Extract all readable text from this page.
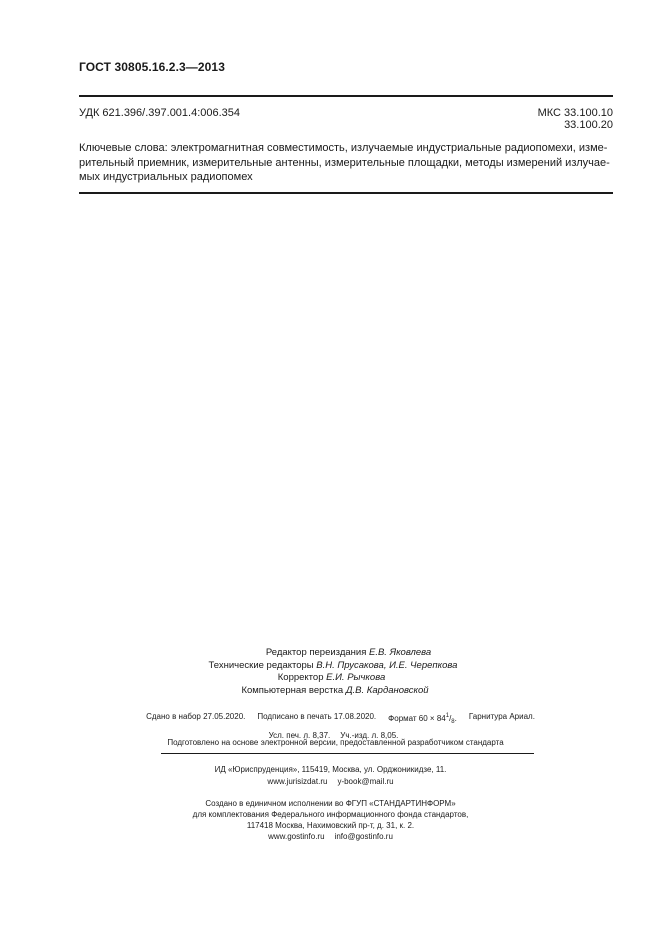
ГОСТ 30805.16.2.3—2013
УДК 621.396/.397.001.4:006.354	МКС 33.100.10
33.100.20
Ключевые слова: электромагнитная совместимость, излучаемые индустриальные радиопомехи, изме-
рительный приемник, измерительные антенны, измерительные площадки, методы измерений излучае-
мых индустриальных радиопомех
Редактор переиздания Е.В. Яковлева
Технические редакторы В.Н. Прусакова, И.Е. Черепкова
Корректор Е.И. Рычкова
Компьютерная верстка Д.В. Кардановской
Сдано в набор 27.05.2020. Подписано в печать 17.08.2020. Формат $60 \times 84^1/_8$. Гарнитура Ариал.
Усл. печ. л. 8,37. Уч.-изд. л. 8,05.
Подготовлено на основе электронной версии, предоставленной разработчиком стандарта
ИД «Юриспруденция», 115419, Москва, ул. Орджоникидзе, 11.
www.jurisizdat.ru y-book@mail.ru
Создано в единичном исполнении во ФГУП «СТАНДАРТИНФОРМ»
для комплектования Федерального информационного фонда стандартов,
117418 Москва, Нахимовский пр-т, д. 31, к. 2.
www.gostinfo.ru info@gostinfo.ru
